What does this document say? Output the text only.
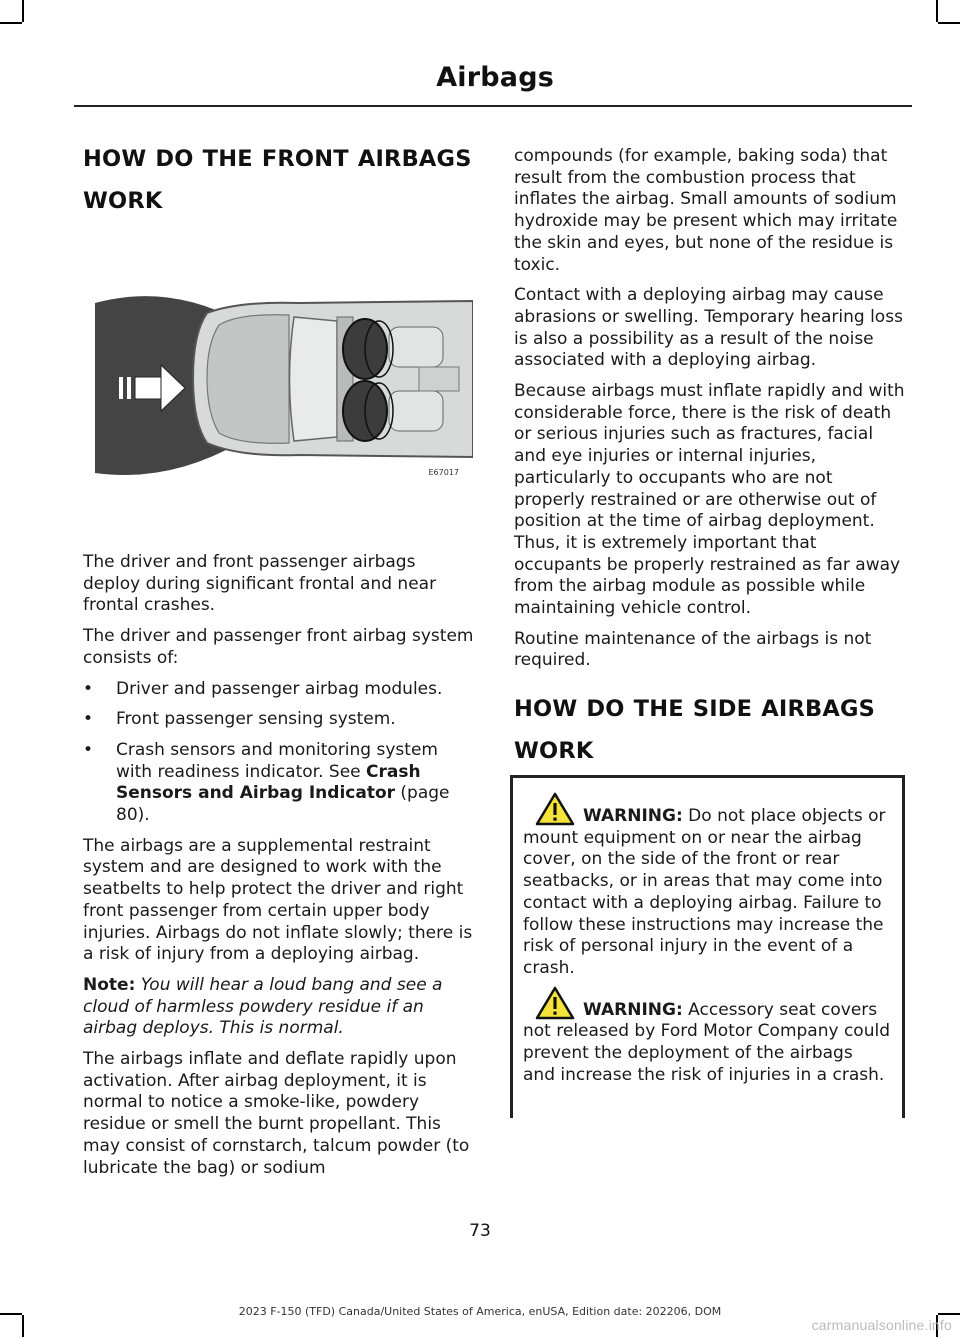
Airbags
HOW DO THE FRONT AIRBAGS
WORK
E67017

The driver and front passenger airbags deploy during significant frontal and near frontal crashes.

The driver and passenger front airbag system consists of:

• Driver and passenger airbag modules.
• Front passenger sensing system.
• Crash sensors and monitoring system with readiness indicator. See Crash Sensors and Airbag Indicator (page 80).

The airbags are a supplemental restraint system and are designed to work with the seatbelts to help protect the driver and right front passenger from certain upper body injuries. Airbags do not inflate slowly; there is a risk of injury from a deploying airbag.

Note: You will hear a loud bang and see a cloud of harmless powdery residue if an airbag deploys. This is normal.

The airbags inflate and deflate rapidly upon activation. After airbag deployment, it is normal to notice a smoke-like, powdery residue or smell the burnt propellant. This may consist of cornstarch, talcum powder (to lubricate the bag) or sodium

compounds (for example, baking soda) that result from the combustion process that inflates the airbag. Small amounts of sodium hydroxide may be present which may irritate the skin and eyes, but none of the residue is toxic.

Contact with a deploying airbag may cause abrasions or swelling. Temporary hearing loss is also a possibility as a result of the noise associated with a deploying airbag.

Because airbags must inflate rapidly and with considerable force, there is the risk of death or serious injuries such as fractures, facial and eye injuries or internal injuries, particularly to occupants who are not properly restrained or are otherwise out of position at the time of airbag deployment. Thus, it is extremely important that occupants be properly restrained as far away from the airbag module as possible while maintaining vehicle control.

Routine maintenance of the airbags is not required.

HOW DO THE SIDE AIRBAGS
WORK
WARNING: Do not place objects or mount equipment on or near the airbag cover, on the side of the front or rear seatbacks, or in areas that may come into contact with a deploying airbag. Failure to follow these instructions may increase the risk of personal injury in the event of a crash.
WARNING: Accessory seat covers not released by Ford Motor Company could prevent the deployment of the airbags and increase the risk of injuries in a crash.
73
2023 F-150 (TFD) Canada/United States of America, enUSA, Edition date: 202206, DOM
carmanualsonline.info
